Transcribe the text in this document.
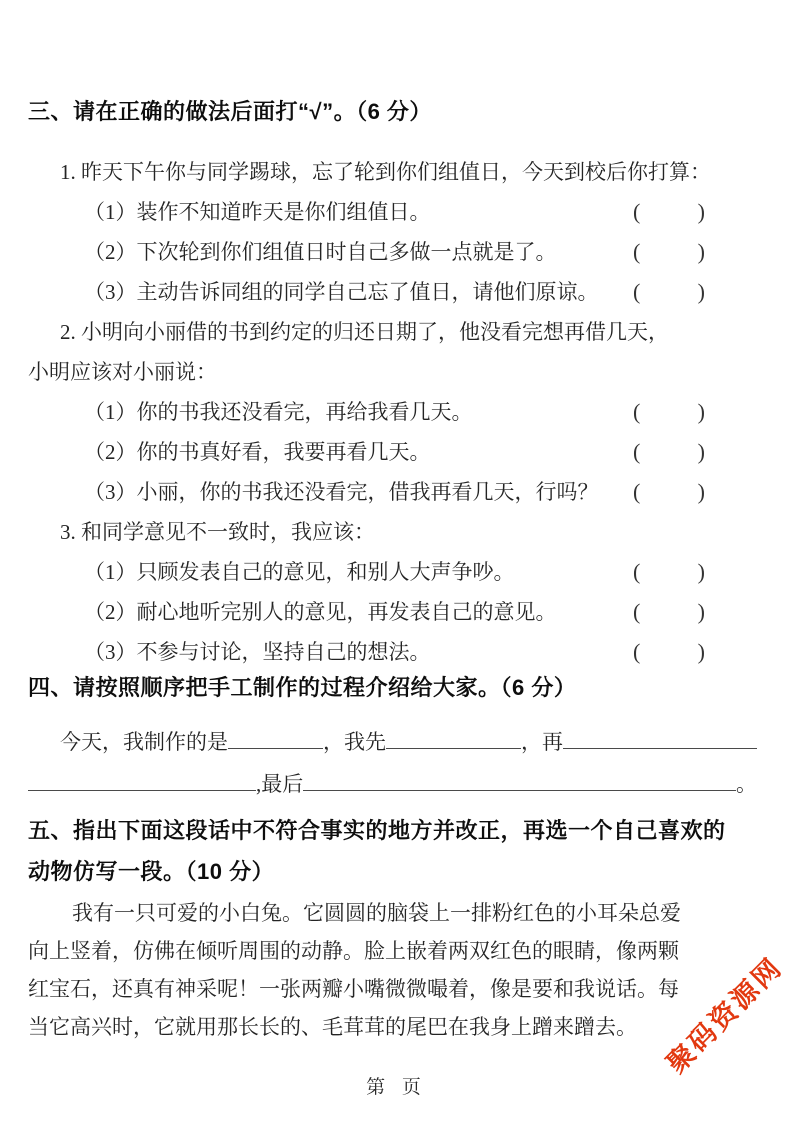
三、请在正确的做法后面打“√”。（6 分）
1. 昨天下午你与同学踢球，忘了轮到你们组值日，今天到校后你打算：
（1）装作不知道昨天是你们组值日。	(	)
（2）下次轮到你们组值日时自己多做一点就是了。	(	)
（3）主动告诉同组的同学自己忘了值日，请他们原谅。 (	)
2. 小明向小丽借的书到约定的归还日期了，他没看完想再借几天，
小明应该对小丽说：
（1）你的书我还没看完，再给我看几天。	(	)
（2）你的书真好看，我要再看几天。	(	)
（3）小丽，你的书我还没看完，借我再看几天，行吗？ (	)
3. 和同学意见不一致时，我应该：
（1）只顾发表自己的意见，和别人大声争吵。	(	)
（2）耐心地听完别人的意见，再发表自己的意见。	(	)
（3）不参与讨论，坚持自己的想法。	(	)
四、请按照顺序把手工制作的过程介绍给大家。（6 分）
今天，我制作的是	，我先	，再
,最后	。
五、指出下面这段话中不符合事实的地方并改正，再选一个自己喜欢的
动物仿写一段。（10 分）
我有一只可爱的小白兔。它圆圆的脑袋上一排粉红色的小耳朵总爱
向上竖着，仿佛在倾听周围的动静。脸上嵌着两双红色的眼睛，像两颗
红宝石，还真有神采呢！一张两瓣小嘴微微嘬着，像是要和我说话。每
当它高兴时，它就用那长长的、毛茸茸的尾巴在我身上蹭来蹭去。
第 页
聚码资源网
